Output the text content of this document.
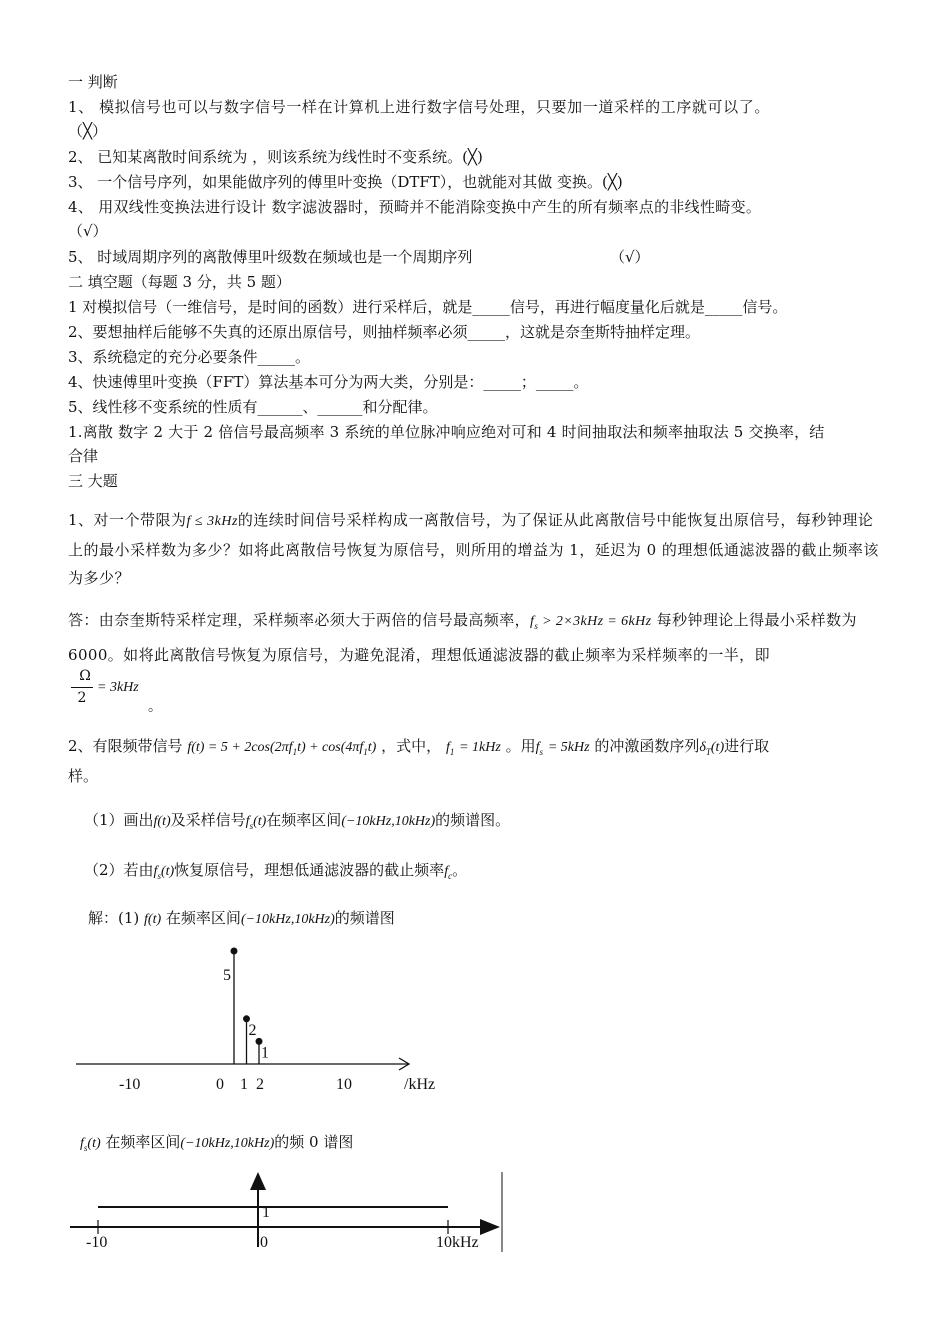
一 判断
1、 模拟信号也可以与数字信号一样在计算机上进行数字信号处理，只要加一道采样的工序就可以了。
（╳）
2、 已知某离散时间系统为 ，则该系统为线性时不变系统。(╳)
3、 一个信号序列，如果能做序列的傅里叶变换（DTFT），也就能对其做 变换。(╳)
4、 用双线性变换法进行设计 数字滤波器时，预畸并不能消除变换中产生的所有频率点的非线性畸变。
（√）
5、 时域周期序列的离散傅里叶级数在频域也是一个周期序列	（√）
二 填空题（每题 3 分，共 5 题）
1 对模拟信号（一维信号，是时间的函数）进行采样后，就是_____信号，再进行幅度量化后就是_____信号。
2、要想抽样后能够不失真的还原出原信号，则抽样频率必须_____，这就是奈奎斯特抽样定理。
3、系统稳定的充分必要条件_____。
4、快速傅里叶变换（FFT）算法基本可分为两大类，分别是：_____；_____。
5、线性移不变系统的性质有______、______和分配律。
1.离散 数字 2 大于 2 倍信号最高频率 3 系统的单位脉冲响应绝对可和 4 时间抽取法和频率抽取法 5 交换率，结
合律
三 大题
1、对一个带限为f ≤ 3kHz的连续时间信号采样构成一离散信号，为了保证从此离散信号中能恢复出原信号，每秒钟理论上的最小采样数为多少？如将此离散信号恢复为原信号，则所用的增益为 1，延迟为 0 的理想低通滤波器的截止频率该为多少？
答：由奈奎斯特采样定理，采样频率必须大于两倍的信号最高频率，$f_s > 2\times 3kHz = 6kHz$ 每秒钟理论上得最小采样数为 6000。如将此离散信号恢复为原信号，为避免混淆，理想低通滤波器的截止频率为采样频率的一半，即
Ω
2
= 3kHz
。
2、有限频带信号 $f(t) = 5 + 2\cos(2\pi f_1t) + \cos(4\pi f_1t)$ ，式中， $f_1 = 1kHz$ 。用$f_s = 5kHz$ 的冲激函数序列$\delta_T(t)$进行取
样。
（1）画出f(t)及采样信号$f_s(t)$在频率区间(−10kHz,10kHz)的频谱图。
（2）若由$f_s(t)$恢复原信号，理想低通滤波器的截止频率$f_c$。
解：(1) f(t) 在频率区间(−10kHz,10kHz)的频谱图
5
2
1
-10	0 1 2	10	/kHz
$f_s(t)$ 在频率区间(−10kHz,10kHz)的频 0 谱图
1
-10	0	10kHz
